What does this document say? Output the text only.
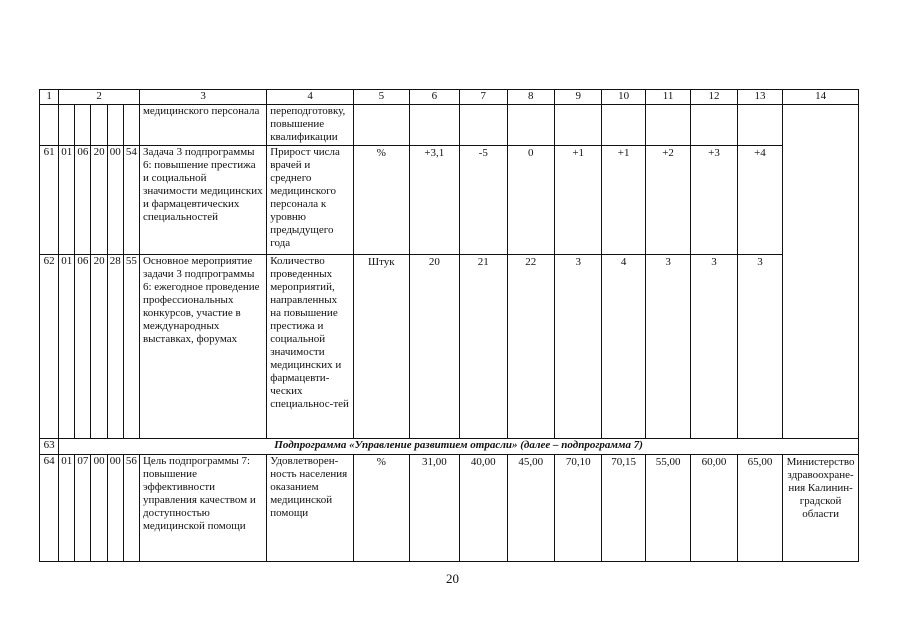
1	2					3	4	5	6	7	8	9	10	11	12	13	14
						медицинского персонала	переподготовку, повышение квалификации										
61	01	06	20	00	54	Задача 3 подпрограммы 6: повышение престижа и социальной значимости медицинских и фармацевтических специальностей	Прирост числа врачей и среднего медицинского персонала к уровню предыдущего года	%	+3,1	-5	0	+1	+1	+2	+3	+4	
62	01	06	20	28	55	Основное мероприятие задачи 3 подпрограммы 6: ежегодное проведение профессиональных конкурсов, участие в международных выставках, форумах	Количество проведенных мероприятий, направленных на повышение престижа и социальной значимости медицинских и фармацевти-ческих специальнос-тей	Штук	20	21	22	3	4	3	3	3	
63	Подпрограмма «Управление развитием отрасли» (далее – подпрограмма 7)																
64	01	07	00	00	56	Цель подпрограммы 7: повышение эффективности управления качеством и доступностью медицинской помощи	Удовлетворен-ность населения оказанием медицинской помощи	%	31,00	40,00	45,00	70,10	70,15	55,00	60,00	65,00	Министерство здравоохране-ния Калинин-градской области
20
